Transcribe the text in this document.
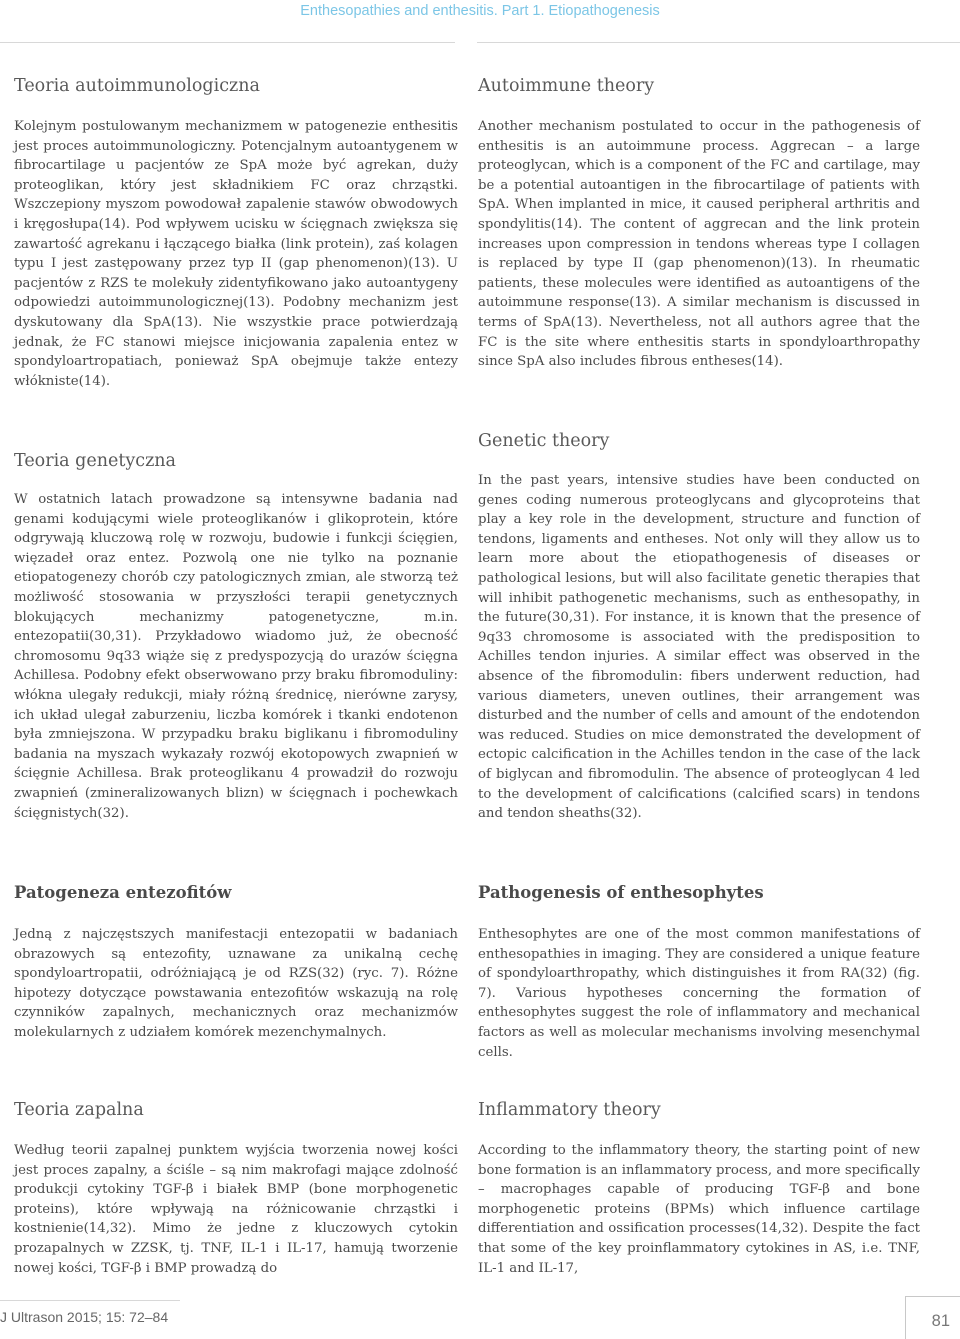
Enthesopathies and enthesitis. Part 1. Etiopathogenesis
Teoria autoimmunologiczna

Kolejnym postulowanym mechanizmem w patogenezie enthesitis jest proces autoimmunologiczny. Potencjalnym autoantygenem w fibrocartilage u pacjentów ze SpA może być agrekan, duży proteoglikan, który jest składnikiem FC oraz chrząstki. Wszczepiony myszom powodował zapalenie stawów obwodowych i kręgosłupa(14). Pod wpływem ucisku w ścięgnach zwiększa się zawartość agrekanu i łączącego białka (link protein), zaś kolagen typu I jest zastępowany przez typ II (gap phenomenon)(13). U pacjentów z RZS te molekuły zidentyfikowano jako autoantygeny odpowiedzi autoimmunologicznej(13). Podobny mechanizm jest dyskutowany dla SpA(13). Nie wszystkie prace potwierdzają jednak, że FC stanowi miejsce inicjowania zapalenia entez w spondyloartropatiach, ponieważ SpA obejmuje także entezy włókniste(14).

Teoria genetyczna

W ostatnich latach prowadzone są intensywne badania nad genami kodującymi wiele proteoglikanów i glikoprotein, które odgrywają kluczową rolę w rozwoju, budowie i funkcji ścięgien, więzadeł oraz entez. Pozwolą one nie tylko na poznanie etiopatogenezy chorób czy patologicznych zmian, ale stworzą też możliwość stosowania w przyszłości terapii genetycznych blokujących mechanizmy patogenetyczne, m.in. entezopatii(30,31). Przykładowo wiadomo już, że obecność chromosomu 9q33 wiąże się z predyspozycją do urazów ścięgna Achillesa. Podobny efekt obserwowano przy braku fibromoduliny: włókna ulegały redukcji, miały różną średnicę, nierówne zarysy, ich układ ulegał zaburzeniu, liczba komórek i tkanki endotenon była zmniejszona. W przypadku braku biglikanu i fibromoduliny badania na myszach wykazały rozwój ekotopowych zwapnień w ścięgnie Achillesa. Brak proteoglikanu 4 prowadził do rozwoju zwapnień (zmineralizowanych blizn) w ścięgnach i pochewkach ścięgnistych(32).

Patogeneza entezofitów

Jedną z najczęstszych manifestacji entezopatii w badaniach obrazowych są entezofity, uznawane za unikalną cechę spondyloartropatii, odróżniającą je od RZS(32) (ryc. 7). Różne hipotezy dotyczące powstawania entezofitów wskazują na rolę czynników zapalnych, mechanicznych oraz mechanizmów molekularnych z udziałem komórek mezenchymalnych.

Teoria zapalna

Według teorii zapalnej punktem wyjścia tworzenia nowej kości jest proces zapalny, a ściśle – są nim makrofagi mające zdolność produkcji cytokiny TGF-β i białek BMP (bone morphogenetic proteins), które wpływają na różnicowanie chrząstki i kostnienie(14,32). Mimo że jedne z kluczowych cytokin prozapalnych w ZZSK, tj. TNF, IL-1 i IL-17, hamują tworzenie nowej kości, TGF-β i BMP prowadzą do

Autoimmune theory

Another mechanism postulated to occur in the pathogenesis of enthesitis is an autoimmune process. Aggrecan – a large proteoglycan, which is a component of the FC and cartilage, may be a potential autoantigen in the fibrocartilage of patients with SpA. When implanted in mice, it caused peripheral arthritis and spondylitis(14). The content of aggrecan and the link protein increases upon compression in tendons whereas type I collagen is replaced by type II (gap phenomenon)(13). In rheumatic patients, these molecules were identified as autoantigens of the autoimmune response(13). A similar mechanism is discussed in terms of SpA(13). Nevertheless, not all authors agree that the FC is the site where enthesitis starts in spondyloarthropathy since SpA also includes fibrous entheses(14).

Genetic theory

In the past years, intensive studies have been conducted on genes coding numerous proteoglycans and glycoproteins that play a key role in the development, structure and function of tendons, ligaments and entheses. Not only will they allow us to learn more about the etiopathogenesis of diseases or pathological lesions, but will also facilitate genetic therapies that will inhibit pathogenetic mechanisms, such as enthesopathy, in the future(30,31). For instance, it is known that the presence of 9q33 chromosome is associated with the predisposition to Achilles tendon injuries. A similar effect was observed in the absence of the fibromodulin: fibers underwent reduction, had various diameters, uneven outlines, their arrangement was disturbed and the number of cells and amount of the endotendon was reduced. Studies on mice demonstrated the development of ectopic calcification in the Achilles tendon in the case of the lack of biglycan and fibromodulin. The absence of proteoglycan 4 led to the development of calcifications (calcified scars) in tendons and tendon sheaths(32).

Pathogenesis of enthesophytes

Enthesophytes are one of the most common manifestations of enthesopathies in imaging. They are considered a unique feature of spondyloarthropathy, which distinguishes it from RA(32) (fig. 7). Various hypotheses concerning the formation of enthesophytes suggest the role of inflammatory and mechanical factors as well as molecular mechanisms involving mesenchymal cells.

Inflammatory theory

According to the inflammatory theory, the starting point of new bone formation is an inflammatory process, and more specifically – macrophages capable of producing TGF-β and bone morphogenetic proteins (BPMs) which influence cartilage differentiation and ossification processes(14,32). Despite the fact that some of the key proinflammatory cytokines in AS, i.e. TNF, IL-1 and IL-17,

J Ultrason 2015; 15: 72–84	81
